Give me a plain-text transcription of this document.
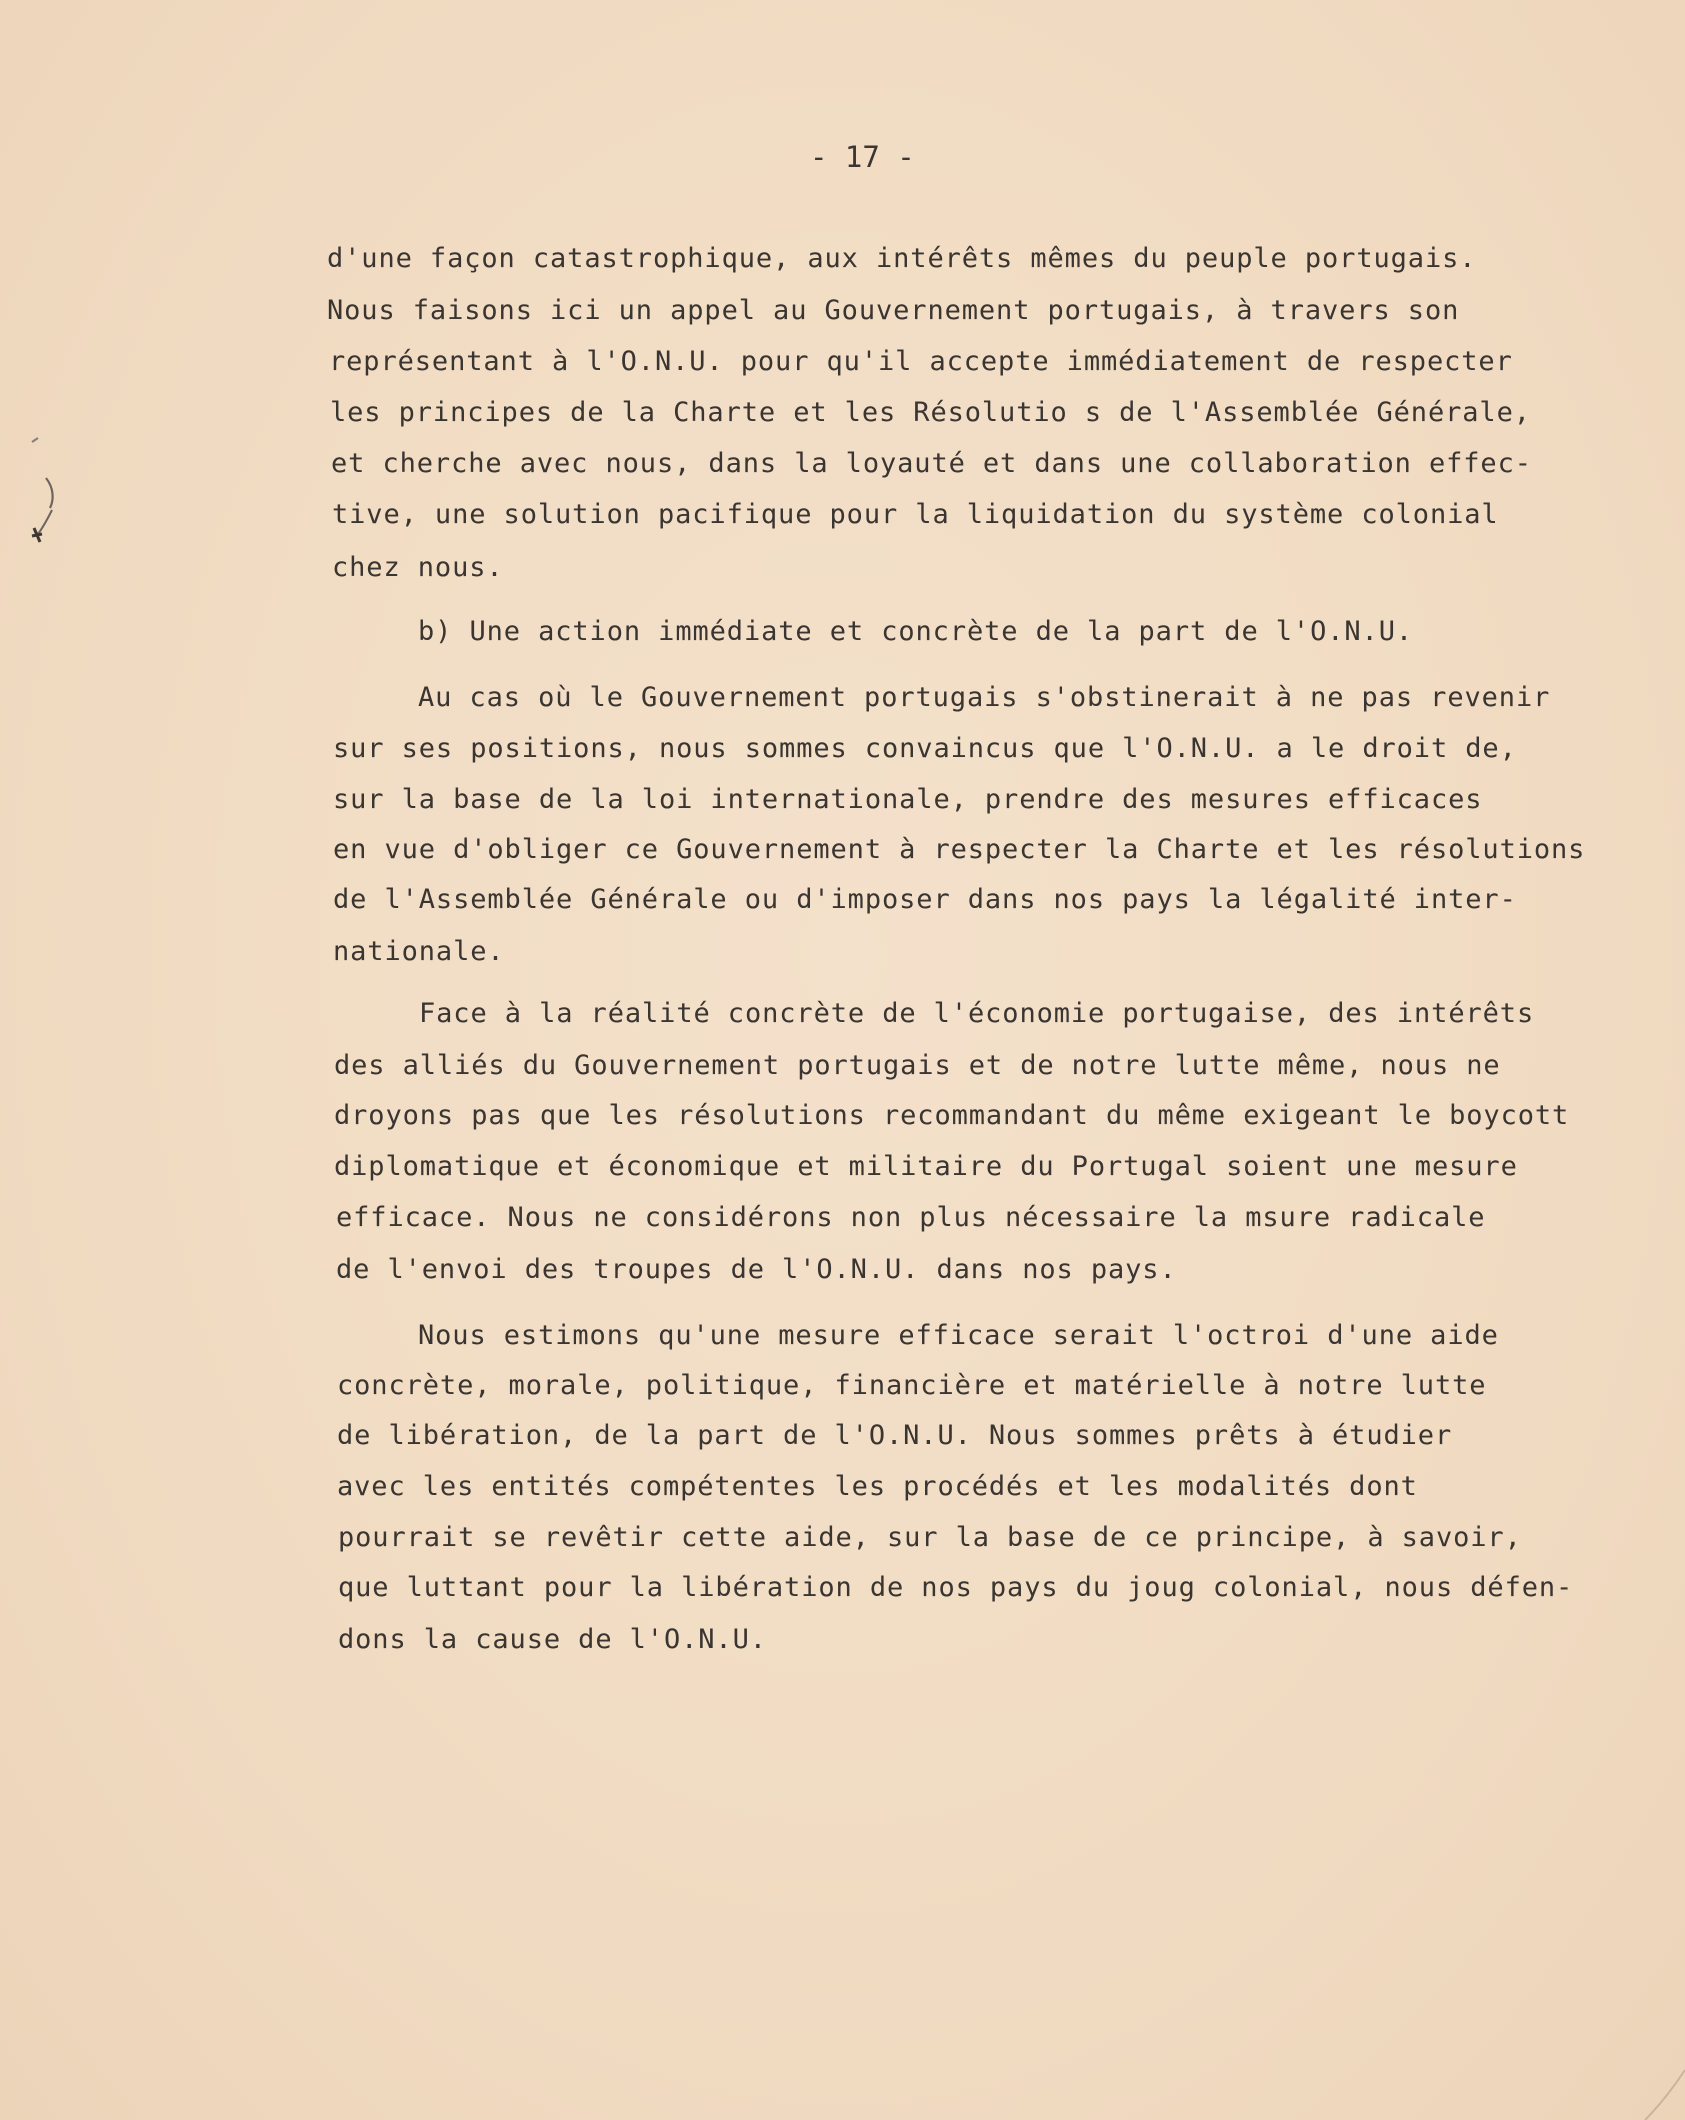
- 17 -
d'une façon catastrophique, aux intérêts mêmes du peuple portugais.
Nous faisons ici un appel au Gouvernement portugais, à travers son
représentant à l'O.N.U. pour qu'il accepte immédiatement de respecter
les principes de la Charte et les Résolutio s de l'Assemblée Générale,
et cherche avec nous, dans la loyauté et dans une collaboration effec-
tive, une solution pacifique pour la liquidation du système colonial
chez nous.
b) Une action immédiate et concrète de la part de l'O.N.U.
Au cas où le Gouvernement portugais s'obstinerait à ne pas revenir
sur ses positions, nous sommes convaincus que l'O.N.U. a le droit de,
sur la base de la loi internationale, prendre des mesures efficaces
en vue d'obliger ce Gouvernement à respecter la Charte et les résolutions
de l'Assemblée Générale ou d'imposer dans nos pays la légalité inter-
nationale.
Face à la réalité concrète de l'économie portugaise, des intérêts
des alliés du Gouvernement portugais et de notre lutte même, nous ne
droyons pas que les résolutions recommandant du même exigeant le boycott
diplomatique et économique et militaire du Portugal soient une mesure
efficace. Nous ne considérons non plus nécessaire la msure radicale
de l'envoi des troupes de l'O.N.U. dans nos pays.
Nous estimons qu'une mesure efficace serait l'octroi d'une aide
concrète, morale, politique, financière et matérielle à notre lutte
de libération, de la part de l'O.N.U. Nous sommes prêts à étudier
avec les entités compétentes les procédés et les modalités dont
pourrait se revêtir cette aide, sur la base de ce principe, à savoir,
que luttant pour la libération de nos pays du joug colonial, nous défen-
dons la cause de l'O.N.U.
